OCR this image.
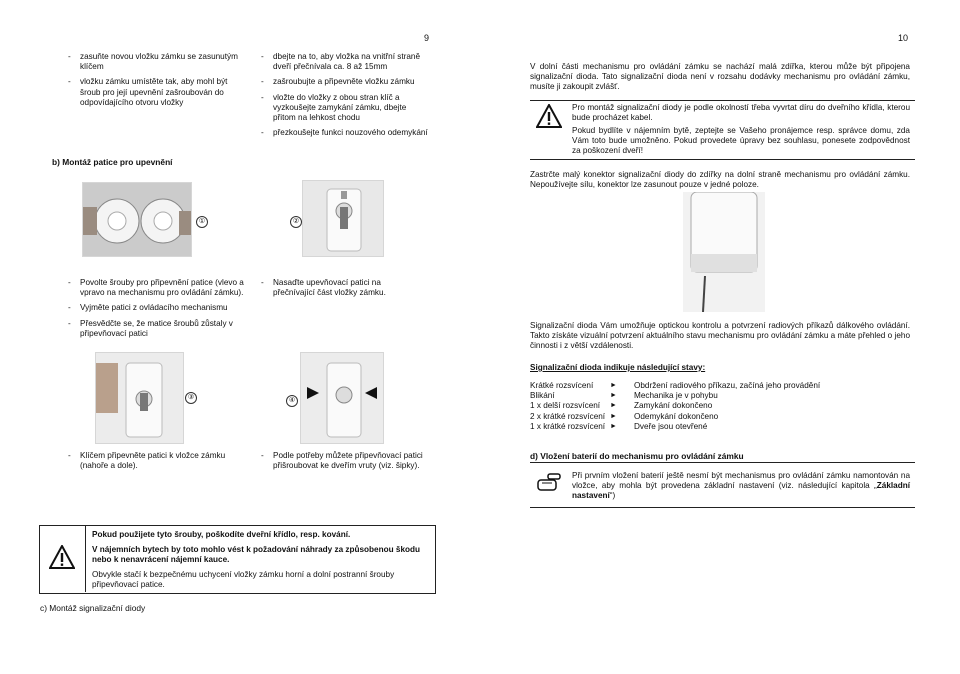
9	10
- zasuňte novou vložku zámku se zasunutým klíčem
- vložku zámku umístěte tak, aby mohl být šroub pro její upevnění zašroubován do odpovídajícího otvoru vložky
- dbejte na to, aby vložka na vnitřní straně dveří přečnívala ca. 8 až 15mm
- zašroubujte a připevněte vložku zámku
- vložte do vložky z obou stran klíč a vyzkoušejte zamykání zámku, dbejte přitom na lehkost chodu
- přezkoušejte funkci nouzového odemykání
b) Montáž patice pro upevnění
①	②
- Povolte šrouby pro připevnění patice (vlevo a vpravo na mechanismu pro ovládání zámku).
- Vyjměte patici z ovládacího mechanismu
- Přesvědčte se, že matice šroubů zůstaly v připevňovací patici
- Nasaďte upevňovací patici na přečnívající část vložky zámku.
③	④
- Klíčem připevněte patici k vložce zámku (nahoře a dole).
- Podle potřeby můžete připevňovací patici přišroubovat ke dveřím vruty (viz. šipky).
Pokud použijete tyto šrouby, poškodíte dveřní křídlo, resp. kování.
V nájemních bytech by toto mohlo vést k požadování náhrady za způsobenou škodu nebo k nenavrácení nájemní kauce.
Obvykle stačí k bezpečnému uchycení vložky zámku horní a dolní postranní šrouby připevňovací patice.
c) Montáž signalizační diody
V dolní části mechanismu pro ovládání zámku se nachází malá zdířka, kterou může být připojena signalizační dioda. Tato signalizační dioda není v rozsahu dodávky mechanismu pro ovládání zámku, musíte ji zakoupit zvlášť.
Pro montáž signalizační diody je podle okolností třeba vyvrtat díru do dveřního křídla, kterou bude procházet kabel.
Pokud bydlíte v nájemním bytě, zeptejte se Vašeho pronájemce resp. správce domu, zda Vám toto bude umožněno. Pokud provedete úpravy bez souhlasu, ponesete zodpovědnost za poškození dveří!
Zastrčte malý konektor signalizační diody do zdířky na dolní straně mechanismu pro ovládání zámku. Nepoužívejte sílu, konektor lze zasunout pouze v jedné poloze.
Signalizační dioda Vám umožňuje optickou kontrolu a potvrzení radiových příkazů dálkového ovládání. Takto získáte vizuální potvrzení aktuálního stavu mechanismu pro ovládání zámku a máte přehled o jeho činnosti i z větší vzdálenosti.
Signalizační dioda indikuje následující stavy:
Krátké rozsvícení	►	Obdržení radiového příkazu, začíná jeho provádění
Blikání	►	Mechanika je v pohybu
1 x delší rozsvícení	►	Zamykání dokončeno
2 x krátké rozsvícení ►	Odemykání dokončeno
1 x krátké rozsvícení ►	Dveře jsou otevřené
d) Vložení baterií do mechanismu pro ovládání zámku
Při prvním vložení baterií ještě nesmí být mechanismus pro ovládání zámku namontován na vložce, aby mohla být provedena základní nastavení (viz. následující kapitola „Základní nastavení“)
